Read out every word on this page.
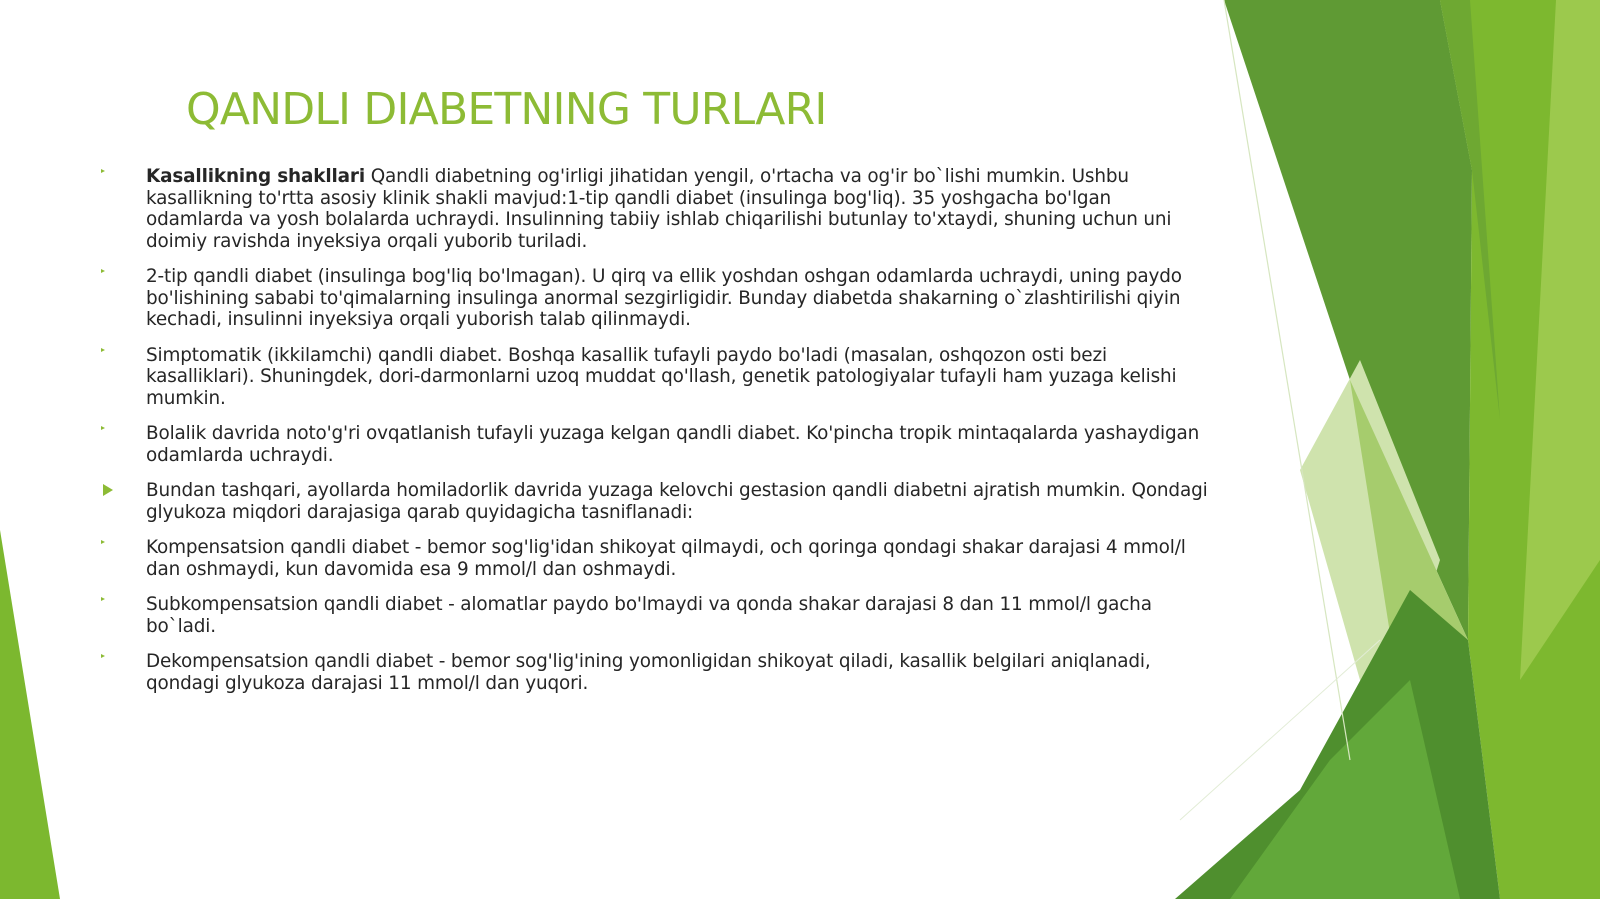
QANDLI DIABETNING TURLARI
Kasallikning shakllari Qandli diabetning og'irligi jihatidan yengil, o'rtacha va og'ir bo`lishi mumkin. Ushbu kasallikning to'rtta asosiy klinik shakli mavjud:1-tip qandli diabet (insulinga bog'liq). 35 yoshgacha bo'lgan odamlarda va yosh bolalarda uchraydi. Insulinning tabiiy ishlab chiqarilishi butunlay to'xtaydi, shuning uchun uni doimiy ravishda inyeksiya orqali yuborib turiladi.
2-tip qandli diabet (insulinga bog'liq bo'lmagan). U qirq va ellik yoshdan oshgan odamlarda uchraydi, uning paydo bo'lishining sababi to'qimalarning insulinga anormal sezgirligidir. Bunday diabetda shakarning o`zlashtirilishi qiyin kechadi, insulinni inyeksiya orqali yuborish talab qilinmaydi.
Simptomatik (ikkilamchi) qandli diabet. Boshqa kasallik tufayli paydo bo'ladi (masalan, oshqozon osti bezi kasalliklari). Shuningdek, dori-darmonlarni uzoq muddat qo'llash, genetik patologiyalar tufayli ham yuzaga kelishi mumkin.
Bolalik davrida noto'g'ri ovqatlanish tufayli yuzaga kelgan qandli diabet. Ko'pincha tropik mintaqalarda yashaydigan odamlarda uchraydi.
Bundan tashqari, ayollarda homiladorlik davrida yuzaga kelovchi gestasion qandli diabetni ajratish mumkin. Qondagi glyukoza miqdori darajasiga qarab quyidagicha tasniflanadi:
Kompensatsion qandli diabet - bemor sog'lig'idan shikoyat qilmaydi, och qoringa qondagi shakar darajasi 4 mmol/l dan oshmaydi, kun davomida esa 9 mmol/l dan oshmaydi.
Subkompensatsion qandli diabet - alomatlar paydo bo'lmaydi va qonda shakar darajasi 8 dan 11 mmol/l gacha bo`ladi.
Dekompensatsion qandli diabet - bemor sog'lig'ining yomonligidan shikoyat qiladi, kasallik belgilari aniqlanadi, qondagi glyukoza darajasi 11 mmol/l dan yuqori.
